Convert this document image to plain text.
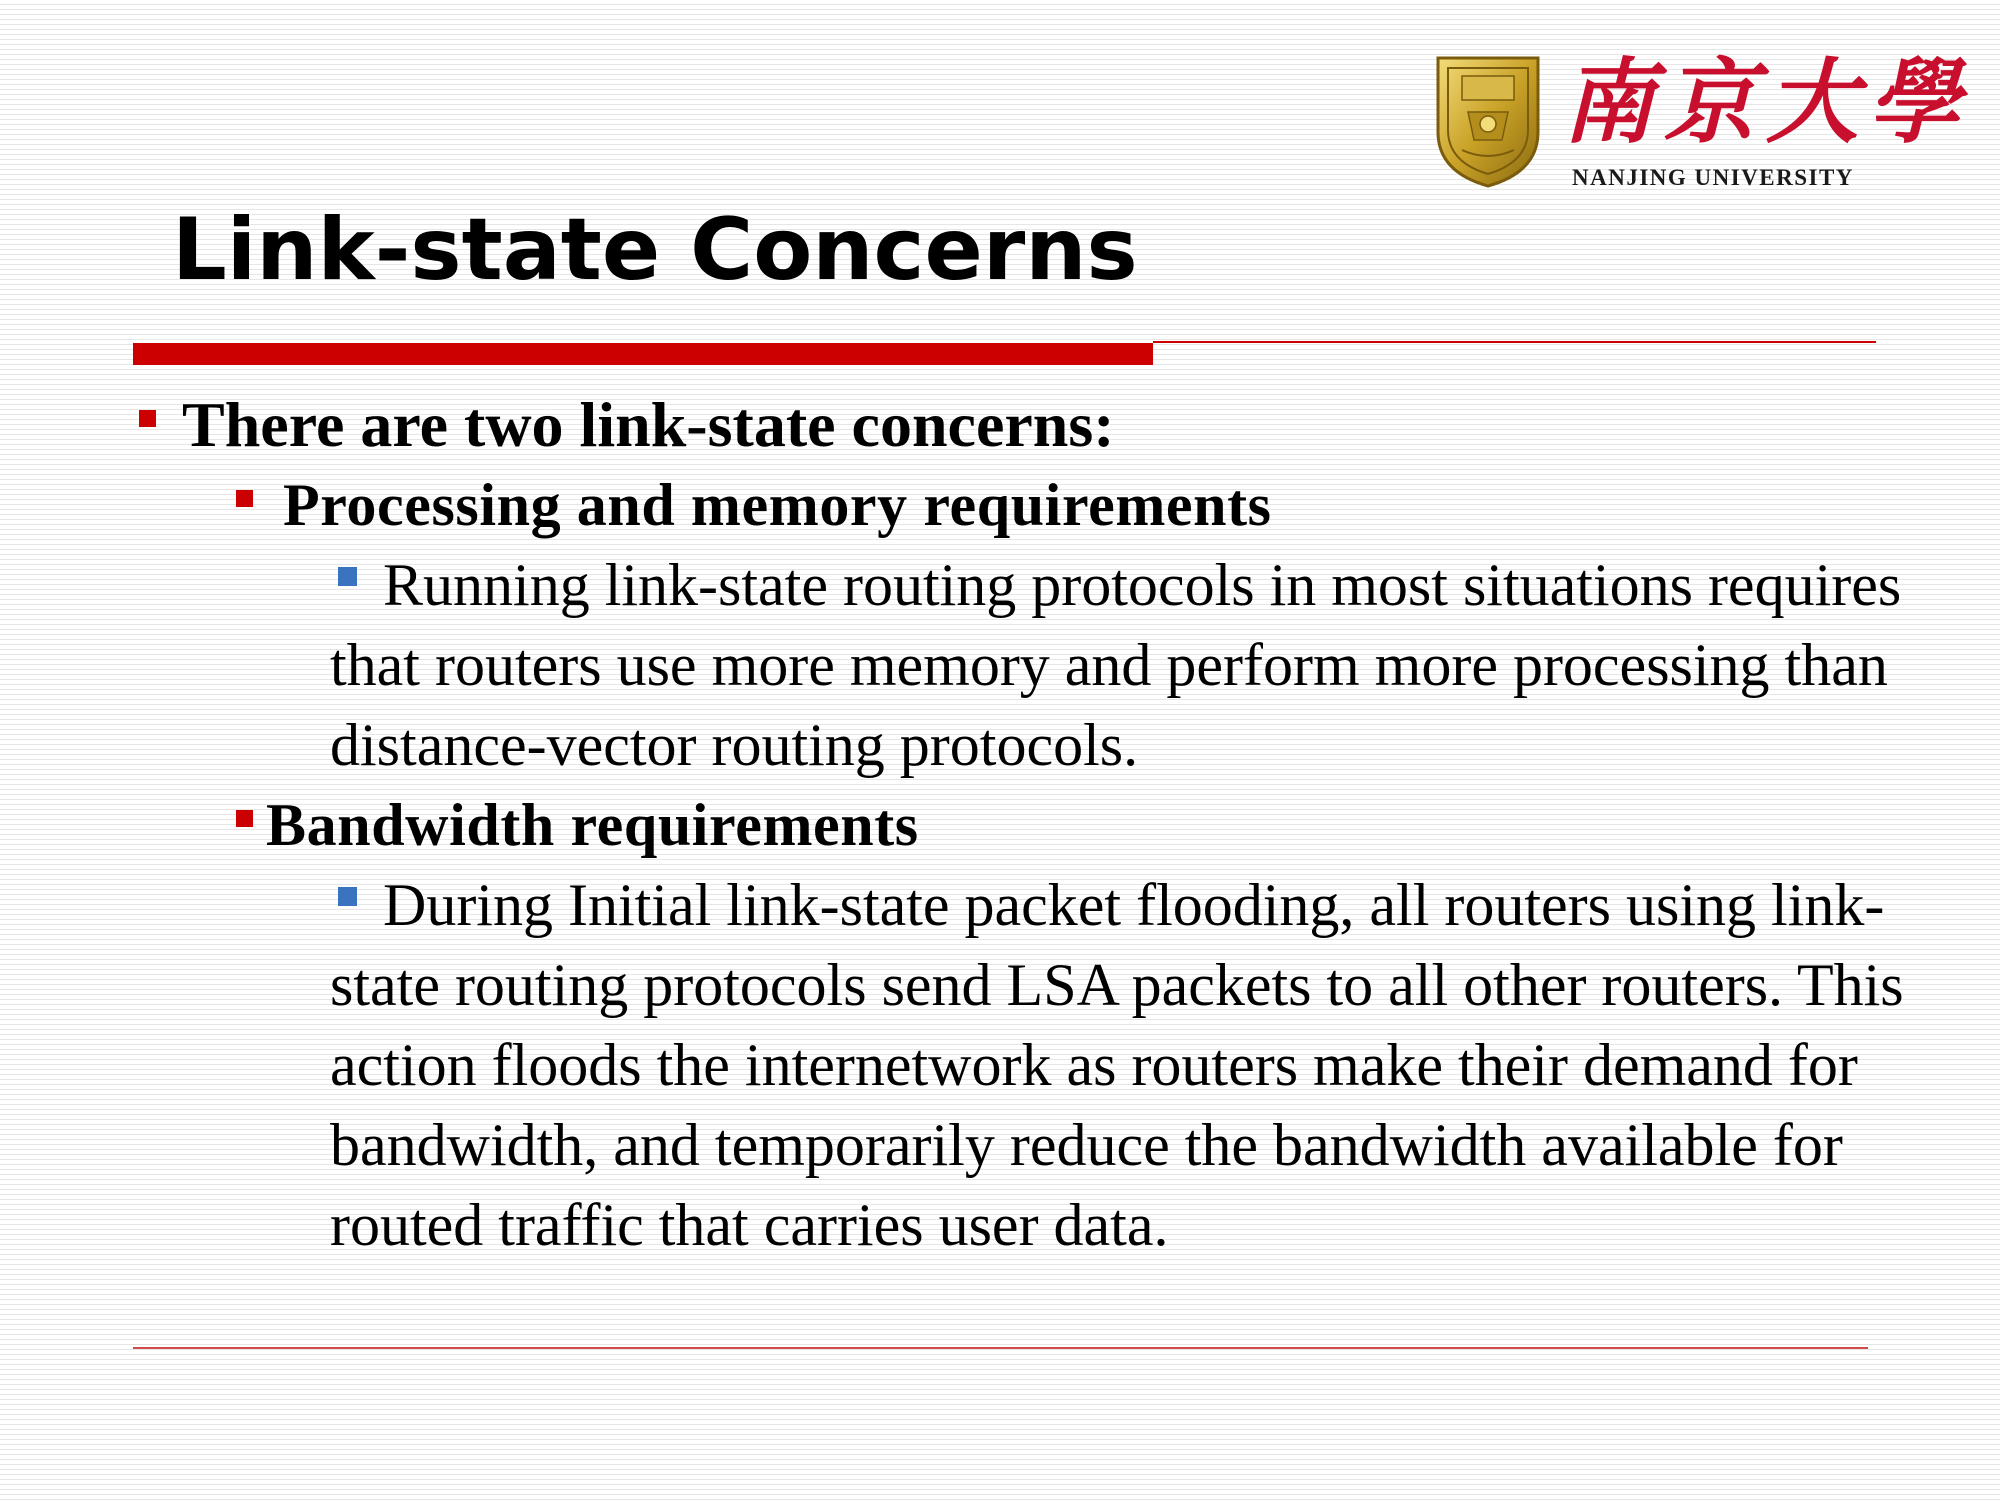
南京大學
NANJING UNIVERSITY
Link-state Concerns
There are two link-state concerns:
Processing and memory requirements
Running link-state routing protocols in most situations requires that routers use more memory and perform more processing than distance-vector routing protocols.
Bandwidth requirements
During Initial link-state packet flooding, all routers using link-state routing protocols send LSA packets to all other routers. This action floods the internetwork as routers make their demand for bandwidth, and temporarily reduce the bandwidth available for routed traffic that carries user data.
